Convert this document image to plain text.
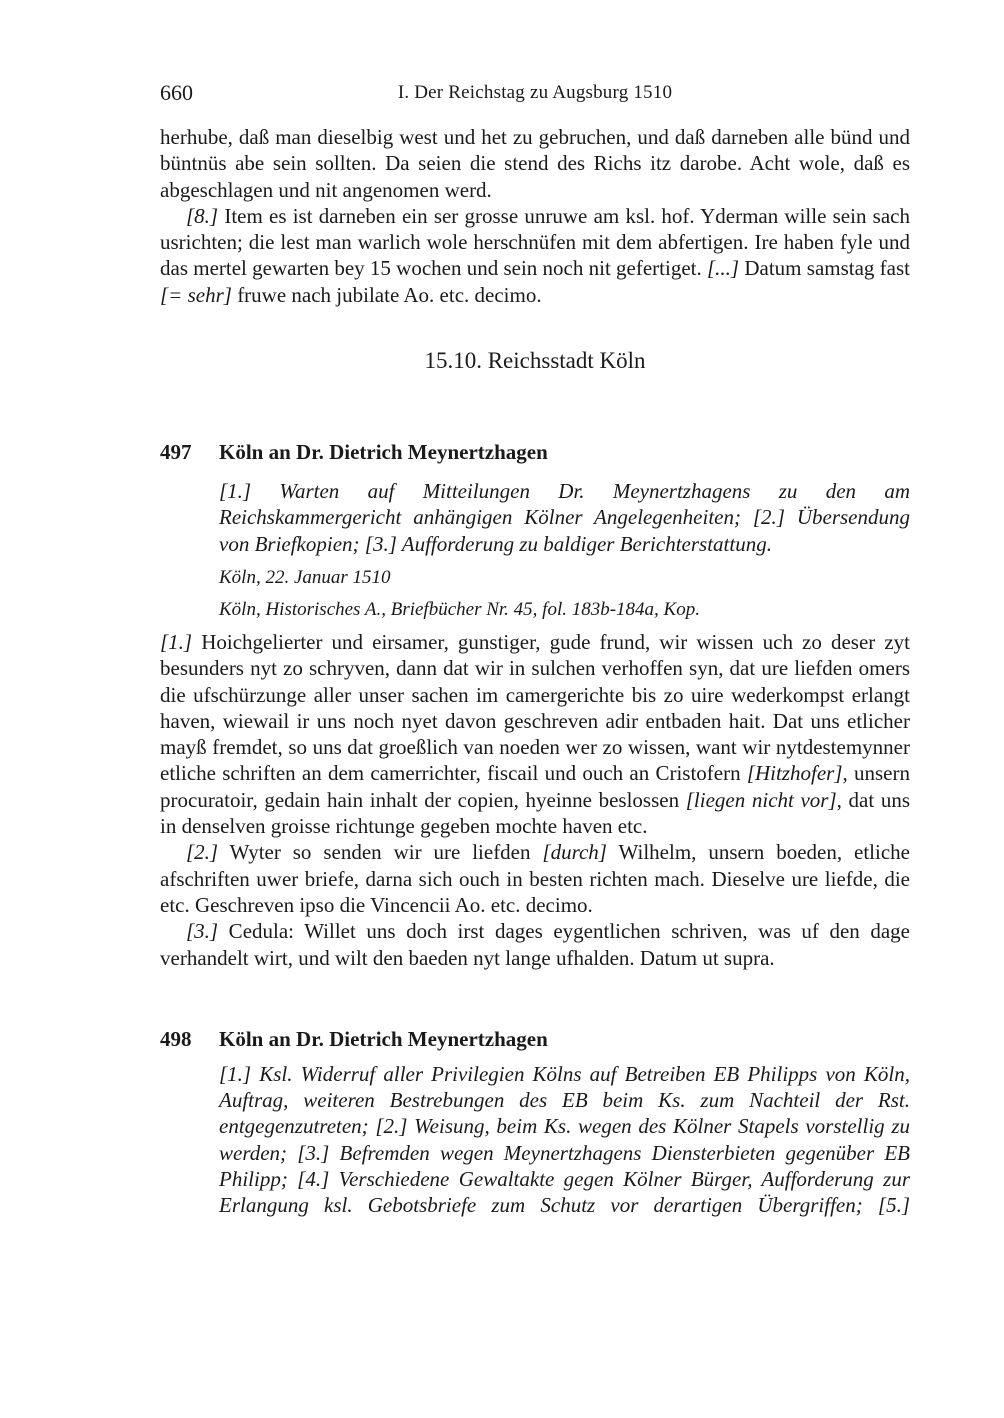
660	I. Der Reichstag zu Augsburg 1510

herhube, daß man dieselbig west und het zu gebruchen, und daß darneben alle bünd und büntnüs abe sein sollten. Da seien die stend des Richs itz darobe. Acht wole, daß es abgeschlagen und nit angenomen werd.

[8.] Item es ist darneben ein ser grosse unruwe am ksl. hof. Yderman wille sein sach usrichten; die lest man warlich wole herschnüfen mit dem abfertigen. Ire haben fyle und das mertel gewarten bey 15 wochen und sein noch nit gefertiget. [...] Datum samstag fast [= sehr] fruwe nach jubilate Ao. etc. decimo.

15.10. Reichsstadt Köln
497 Köln an Dr. Dietrich Meynertzhagen

[1.] Warten auf Mitteilungen Dr. Meynertzhagens zu den am Reichskammergericht anhängigen Kölner Angelegenheiten; [2.] Übersendung von Briefkopien; [3.] Aufforderung zu baldiger Berichterstattung.

Köln, 22. Januar 1510
Köln, Historisches A., Briefbücher Nr. 45, fol. 183b-184a, Kop.

[1.] Hoichgelierter und eirsamer, gunstiger, gude frund, wir wissen uch zo deser zyt besunders nyt zo schryven, dann dat wir in sulchen verhoffen syn, dat ure liefden omers die ufschürzunge aller unser sachen im camergerichte bis zo uire wederkompst erlangt haven, wiewail ir uns noch nyet davon geschreven adir entbaden hait. Dat uns etlicher mayß fremdet, so uns dat groeßlich van noeden wer zo wissen, want wir nytdestemynner etliche schriften an dem camerrichter, fiscail und ouch an Cristofern [Hitzhofer], unsern procuratoir, gedain hain inhalt der copien, hyeinne beslossen [liegen nicht vor], dat uns in denselven groisse richtunge gegeben mochte haven etc.

[2.] Wyter so senden wir ure liefden [durch] Wilhelm, unsern boeden, etliche afschriften uwer briefe, darna sich ouch in besten richten mach. Dieselve ure liefde, die etc. Geschreven ipso die Vincencii Ao. etc. decimo.

[3.] Cedula: Willet uns doch irst dages eygentlichen schriven, was uf den dage verhandelt wirt, und wilt den baeden nyt lange ufhalden. Datum ut supra.

498 Köln an Dr. Dietrich Meynertzhagen

[1.] Ksl. Widerruf aller Privilegien Kölns auf Betreiben EB Philipps von Köln, Auftrag, weiteren Bestrebungen des EB beim Ks. zum Nachteil der Rst. entgegenzutreten; [2.] Weisung, beim Ks. wegen des Kölner Stapels vorstellig zu werden; [3.] Befremden wegen Meynertzhagens Diensterbieten gegenüber EB Philipp; [4.] Verschiedene Gewaltakte gegen Kölner Bürger, Aufforderung zur Erlangung ksl. Gebotsbriefe zum Schutz vor derartigen Übergriffen; [5.]
